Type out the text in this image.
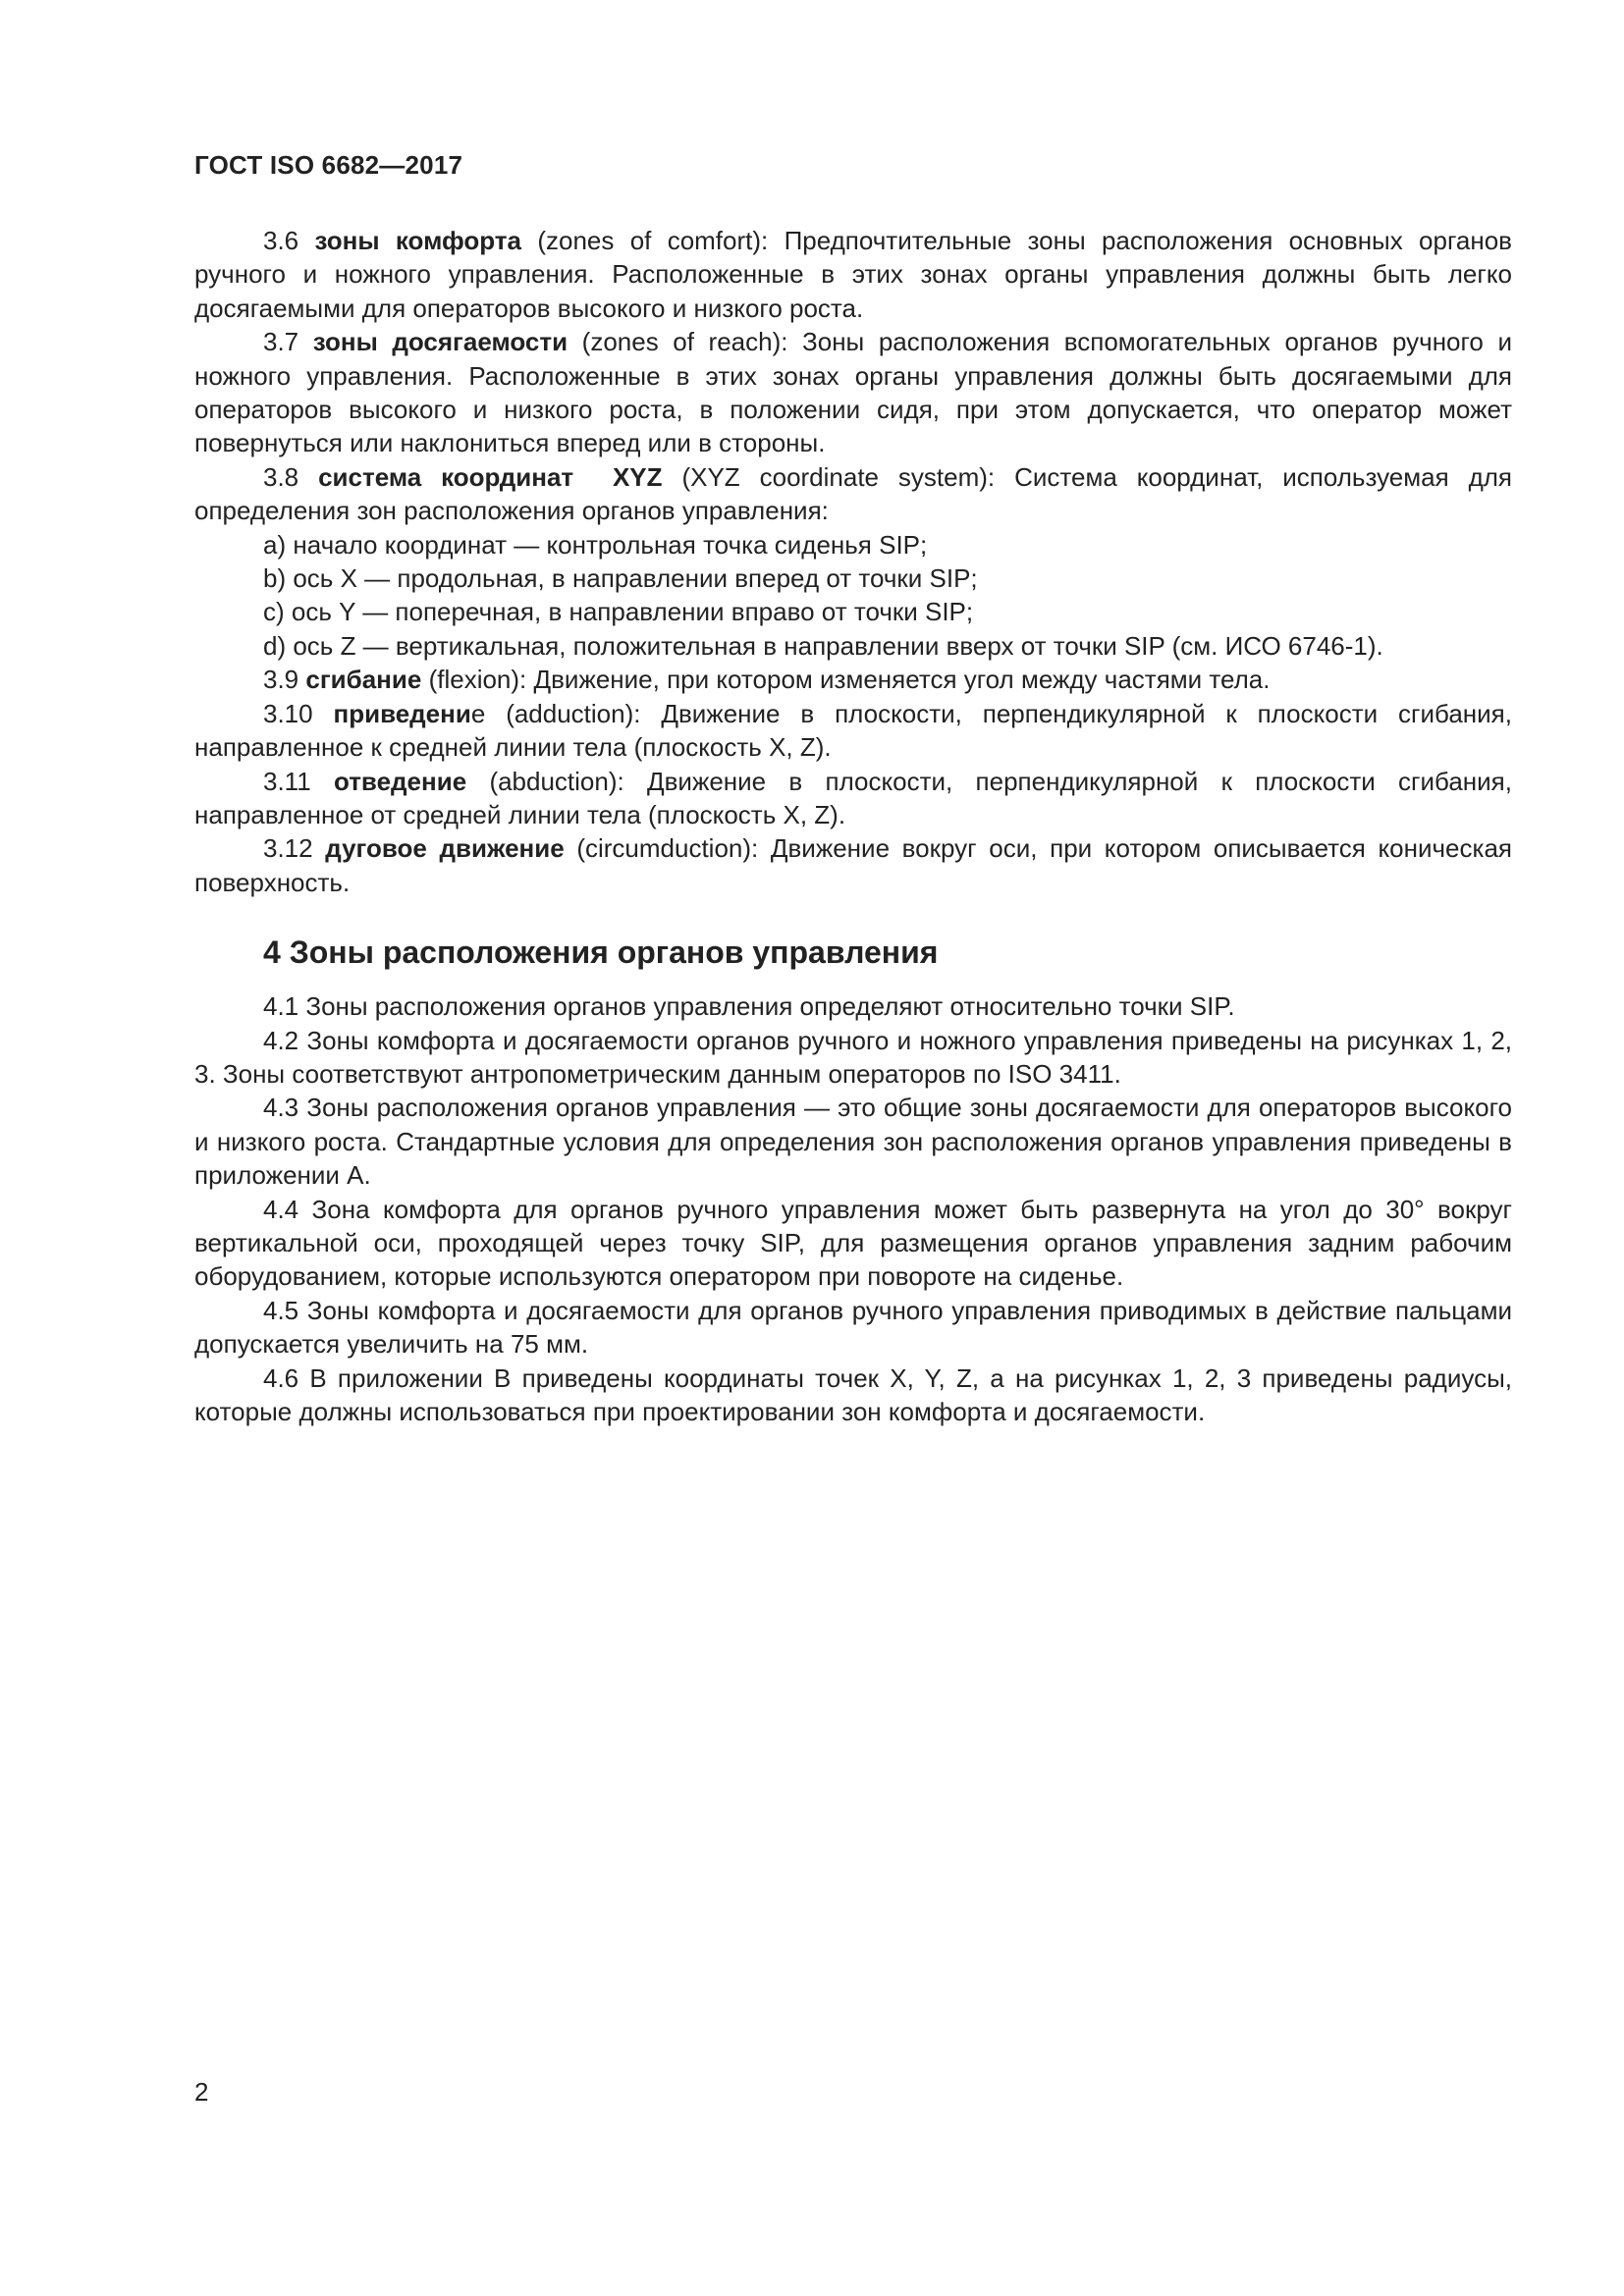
ГОСТ ISO 6682—2017

3.6 зоны комфорта (zones of comfort): Предпочтительные зоны расположения основных органов ручного и ножного управления. Расположенные в этих зонах органы управления должны быть легко досягаемыми для операторов высокого и низкого роста.

3.7 зоны досягаемости (zones of reach): Зоны расположения вспомогательных органов ручного и ножного управления. Расположенные в этих зонах органы управления должны быть досягаемыми для операторов высокого и низкого роста, в положении сидя, при этом допускается, что оператор может повернуться или наклониться вперед или в стороны.

3.8 система координат  XYZ (XYZ coordinate system): Система координат, используемая для определения зон расположения органов управления:

a) начало координат — контрольная точка сиденья SIP;

b) ось X — продольная, в направлении вперед от точки SIP;

c) ось Y — поперечная, в направлении вправо от точки SIP;

d) ось Z — вертикальная, положительная в направлении вверх от точки SIP (см. ИСО 6746-1).

3.9 сгибание (flexion): Движение, при котором изменяется угол между частями тела.

3.10 приведение (adduction): Движение в плоскости, перпендикулярной к плоскости сгибания, направленное к средней линии тела (плоскость X, Z).

3.11 отведение (abduction): Движение в плоскости, перпендикулярной к плоскости сгибания, направленное от средней линии тела (плоскость X, Z).

3.12 дуговое движение (circumduction): Движение вокруг оси, при котором описывается коническая поверхность.

4 Зоны расположения органов управления

4.1 Зоны расположения органов управления определяют относительно точки SIP.

4.2 Зоны комфорта и досягаемости органов ручного и ножного управления приведены на рисунках 1, 2, 3. Зоны соответствуют антропометрическим данным операторов по ISO 3411.

4.3 Зоны расположения органов управления — это общие зоны досягаемости для операторов высокого и низкого роста. Стандартные условия для определения зон расположения органов управления приведены в приложении А.

4.4 Зона комфорта для органов ручного управления может быть развернута на угол до 30° вокруг вертикальной оси, проходящей через точку SIP, для размещения органов управления задним рабочим оборудованием, которые используются оператором при повороте на сиденье.

4.5 Зоны комфорта и досягаемости для органов ручного управления приводимых в действие пальцами допускается увеличить на 75 мм.

4.6 В приложении В приведены координаты точек X, Y, Z, а на рисунках 1, 2, 3 приведены радиусы, которые должны использоваться при проектировании зон комфорта и досягаемости.

2
